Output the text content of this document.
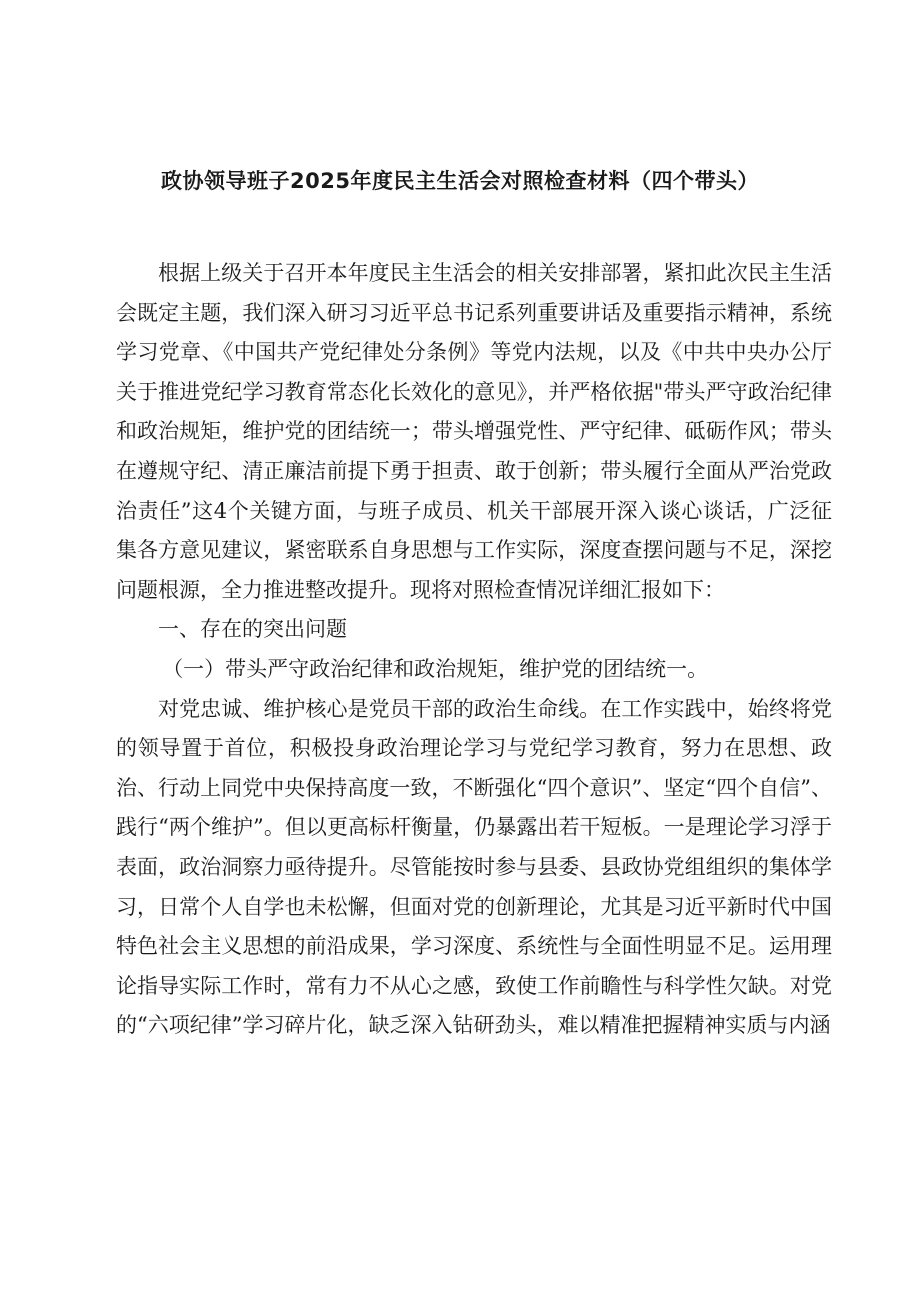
政协领导班子2025年度民主生活会对照检查材料（四个带头）

根据上级关于召开本年度民主生活会的相关安排部署，紧扣此次民主生活会既定主题，我们深入研习习近平总书记系列重要讲话及重要指示精神，系统学习党章、《中国共产党纪律处分条例》等党内法规，以及《中共中央办公厅关于推进党纪学习教育常态化长效化的意见》，并严格依据"带头严守政治纪律和政治规矩，维护党的团结统一；带头增强党性、严守纪律、砥砺作风；带头在遵规守纪、清正廉洁前提下勇于担责、敢于创新；带头履行全面从严治党政治责任”这4个关键方面，与班子成员、机关干部展开深入谈心谈话，广泛征集各方意见建议，紧密联系自身思想与工作实际，深度查摆问题与不足，深挖问题根源，全力推进整改提升。现将对照检查情况详细汇报如下：

一、存在的突出问题

（一）带头严守政治纪律和政治规矩，维护党的团结统一。

对党忠诚、维护核心是党员干部的政治生命线。在工作实践中，始终将党的领导置于首位，积极投身政治理论学习与党纪学习教育，努力在思想、政治、行动上同党中央保持高度一致，不断强化“四个意识”、坚定“四个自信”、践行“两个维护”。但以更高标杆衡量，仍暴露出若干短板。一是理论学习浮于表面，政治洞察力亟待提升。尽管能按时参与县委、县政协党组组织的集体学习，日常个人自学也未松懈，但面对党的创新理论，尤其是习近平新时代中国特色社会主义思想的前沿成果，学习深度、系统性与全面性明显不足。运用理论指导实际工作时，常有力不从心之感，致使工作前瞻性与科学性欠缺。对党的“六项纪律”学习碎片化，缺乏深入钻研劲头，难以精准把握精神实质与内涵
